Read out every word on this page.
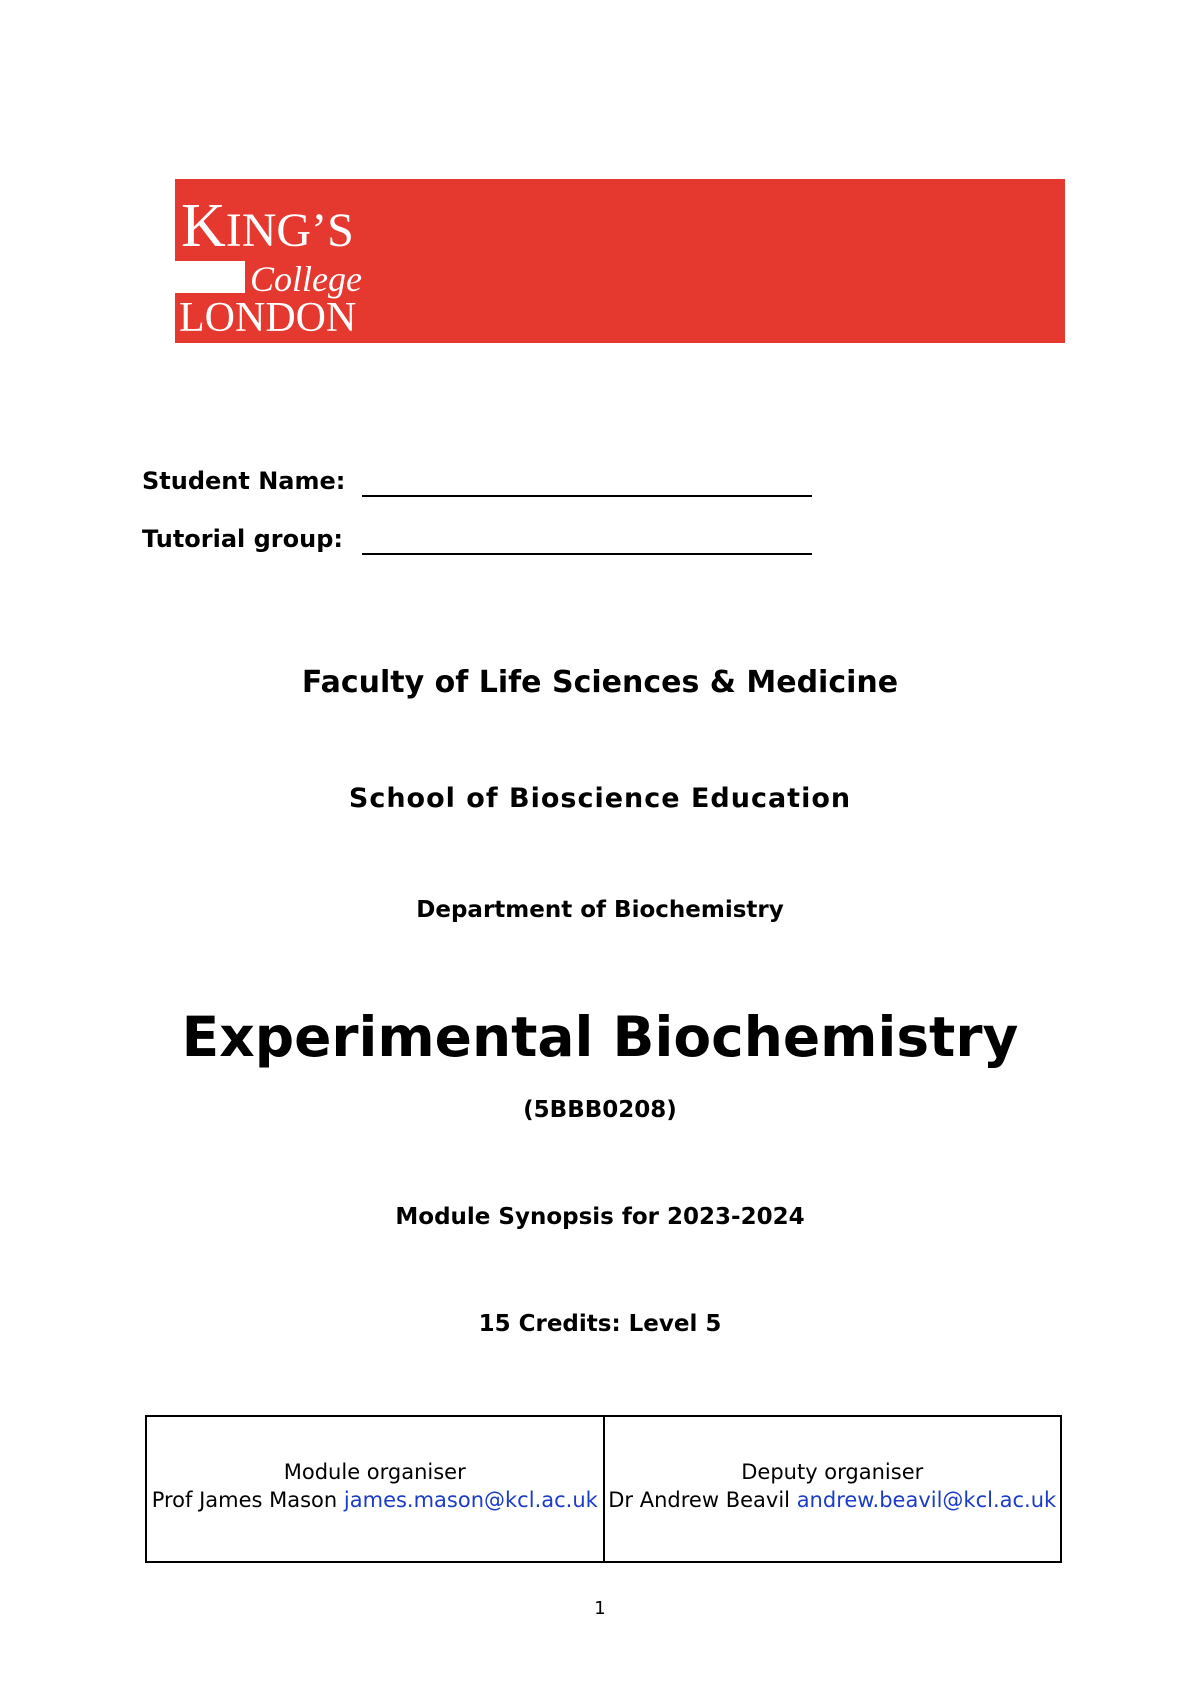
KING’S
College
LONDON
Student Name:
Tutorial group:
Faculty of Life Sciences & Medicine
School of Bioscience Education
Department of Biochemistry
Experimental Biochemistry
(5BBB0208)
Module Synopsis for 2023-2024
15 Credits: Level 5
Module organiser
Prof James Mason james.mason@kcl.ac.uk
Deputy organiser
Dr Andrew Beavil andrew.beavil@kcl.ac.uk
1
